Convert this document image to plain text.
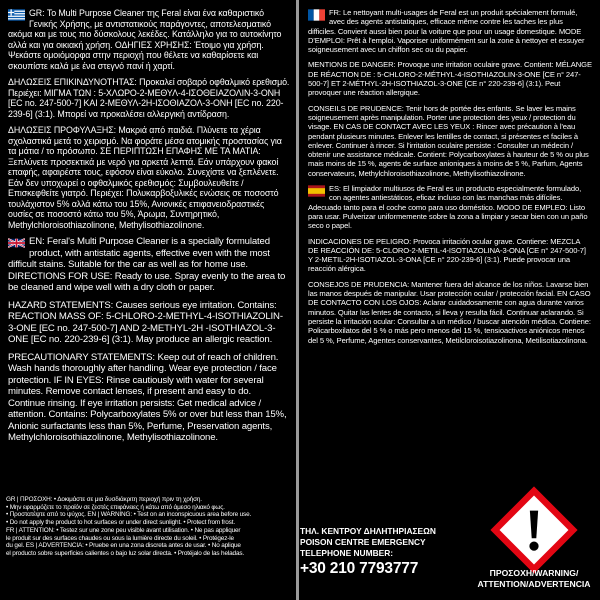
GR: Το Multi Purpose Cleaner της Feral είναι ένα καθαριστικό Γενικής Χρήσης, με αντιστατικούς παράγοντες, αποτελεσματικό ακόμα και με τους πιο δύσκολους λεκέδες. Κατάλληλο για το αυτοκίνητο αλλά και για οικιακή χρήση. ΟΔΗΓΙΕΣ ΧΡΗΣΗΣ: Έτοιμο για χρήση. Ψεκάστε ομοιόμορφα στην περιοχή που θέλετε να καθαρίσετε και σκουπίστε καλά με ένα στεγνό πανί ή χαρτί.
ΔΗΛΩΣΕΙΣ ΕΠΙΚΙΝΔΥΝΟΤΗΤΑΣ: Προκαλεί σοβαρό οφθαλμικό ερεθισμό. Περιέχει: ΜΙΓΜΑ ΤΩΝ : 5-ΧΛΩΡΟ-2-ΜΕΘΥΛ-4-ΙΣΟΘΕΙΑΖΟΛΙΝ-3-ΟΝΗ [EC no. 247-500-7] ΚΑΙ 2-ΜΕΘΥΛ-2Η-ΙΣΟΘΙΑΖΟΛ-3-ΟΝΗ [EC no. 220-239-6] (3:1). Μπορεί να προκαλέσει αλλεργική αντίδραση.
ΔΗΛΩΣΕΙΣ ΠΡΟΦΥΛΑΞΗΣ: Μακριά από παιδιά. Πλύνετε τα χέρια σχολαστικά μετά το χειρισμό. Να φοράτε μέσα ατομικής προστασίας για τα μάτια / το πρόσωπο. ΣΕ ΠΕΡΙΠΤΩΣΗ ΕΠΑΦΗΣ ΜΕ ΤΑ ΜΑΤΙΑ: Ξεπλύνετε προσεκτικά με νερό για αρκετά λεπτά. Εάν υπάρχουν φακοί επαφής, αφαιρέστε τους, εφόσον είναι εύκολο. Συνεχίστε να ξεπλένετε. Εάν δεν υποχωρεί ο οφθαλμικός ερεθισμός: Συμβουλευθείτε / Επισκεφθείτε γιατρό. Περιέχει: Πολυκαρβοξυλικές ενώσεις σε ποσοστό τουλάχιστον 5% αλλά κάτω του 15%, Ανιονικές επιφανειοδραστικές ουσίες σε ποσοστό κάτω του 5%, Άρωμα, Συντηρητικό, Methylchloroisothiazolinone, Methylisothiazolinone.
EN: Feral's Multi Purpose Cleaner is a specially formulated product, with antistatic agents, effective even with the most difficult stains. Suitable for the car as well as for home use. DIRECTIONS FOR USE: Ready to use. Spray evenly to the area to be cleaned and wipe well with a dry cloth or paper.
HAZARD STATEMENTS: Causes serious eye irritation. Contains: REACTION MASS OF: 5-CHLORO-2-METHYL-4-ISOTHIAZOLIN-3-ONE [EC no. 247-500-7] AND 2-METHYL-2H -ISOTHIAZOL-3-ONE [EC no. 220-239-6] (3:1). May produce an allergic reaction.
PRECAUTIONARY STATEMENTS: Keep out of reach of children. Wash hands thoroughly after handling. Wear eye protection / face protection. IF IN EYES: Rinse cautiously with water for several minutes. Remove contact lenses, if present and easy to do. Continue rinsing. If eye irritation persists: Get medical advice / attention. Contains: Polycarboxylates 5% or over but less than 15%, Anionic surfactants less than 5%, Perfume, Preservation agents, Methylchloroisothiazolinone, Methylisothiazolinone.
FR: Le nettoyant multi-usages de Feral est un produit spécialement formulé, avec des agents antistatiques, efficace même contre les taches les plus difficiles. Convient aussi bien pour la voiture que pour un usage domestique. MODE D'EMPLOI: Prêt à l'emploi. Vaporiser uniformément sur la zone à nettoyer et essuyer soigneusement avec un chiffon sec ou du papier.
MENTIONS DE DANGER: Provoque une irritation oculaire grave. Contient: MÉLANGE DE RÉACTION DE : 5-CHLORO-2-MÉTHYL-4-ISOTHIAZOLIN-3-ONE [CE n° 247-500-7] ET 2-MÉTHYL-2H-ISOTHIAZOL-3-ONE [CE n° 220-239-6] (3:1). Peut provoquer une réaction allergique.
CONSEILS DE PRUDENCE: Tenir hors de portée des enfants. Se laver les mains soigneusement après manipulation. Porter une protection des yeux / protection du visage. EN CAS DE CONTACT AVEC LES YEUX : Rincer avec précaution à l'eau pendant plusieurs minutes. Enlever les lentilles de contact, si présentes et faciles à enlever. Continuer à rincer. Si l'irritation oculaire persiste : Consulter un médecin / obtenir une assistance médicale. Contient: Polycarboxylates à hauteur de 5 % ou plus mais moins de 15 %, agents de surface anioniques à moins de 5 %, Parfum, Agents conservateurs, Methylchloroisothiazolinone, Methylisothiazolinone.
ES: El limpiador multiusos de Feral es un producto especialmente formulado, con agentes antiestáticos, eficaz incluso con las manchas más difíciles. Adecuado tanto para el coche como para uso doméstico. MODO DE EMPLEO: Listo para usar. Pulverizar uniformemente sobre la zona a limpiar y secar bien con un paño seco o papel.
INDICACIONES DE PELIGRO: Provoca irritación ocular grave. Contiene: MEZCLA DE REACCIÓN DE: 5-CLORO-2-METIL-4-ISOTIAZOLINA-3-ONA [CE n° 247-500-7] Y 2-METIL-2H-ISOTIAZOL-3-ONA [CE n° 220-239-6] (3:1). Puede provocar una reacción alérgica.
CONSEJOS DE PRUDENCIA: Mantener fuera del alcance de los niños. Lavarse bien las manos después de manipular. Usar protección ocular / protección facial. EN CASO DE CONTACTO CON LOS OJOS: Aclarar cuidadosamente con agua durante varios minutos. Quitar las lentes de contacto, si lleva y resulta fácil. Continuar aclarando. Si persiste la irritación ocular: Consultar a un médico / buscar atención médica. Contiene: Policarboxilatos del 5 % o más pero menos del 15 %, tensioactivos aniónicos menos del 5 %, Perfume, Agentes conservantes, Metilcloroisotiazolinona, Metilisotiazolinona.
GR | ΠΡΟΣΟΧΗ: • Δοκιμάστε σε μια δυσδιάκριτη περιοχή πριν τη χρήση.
• Μην εφαρμόζετε το προϊόν σε ζεστές επιφάνειες ή κάτω από άμεσο ηλιακό φως.
• Προστατέψτε από το ψύχος. EN | WARNING: • Test on an inconspicuous area before use.
• Do not apply the product to hot surfaces or under direct sunlight. • Protect from frost.
FR | ATTENTION: • Testez sur une zone peu visible avant utilisation. • Ne pas appliquer
le produit sur des surfaces chaudes ou sous la lumière directe du soleil. • Protégez-le
du gel. ES | ADVERTENCIA: • Pruebe en una zona discreta antes de usar. • No aplique
el producto sobre superficies calientes o bajo luz solar directa. • Protéjalo de las heladas.
ΤΗΛ. ΚΕΝΤΡΟΥ ΔΗΛΗΤΗΡΙΑΣΕΩΝ
POISON CENTRE EMERGENCY
TELEPHONE NUMBER:
+30 210 7793777	ΠΡΟΣΟΧΗ/WARNING/
ATTENTION/ADVERTENCIA
